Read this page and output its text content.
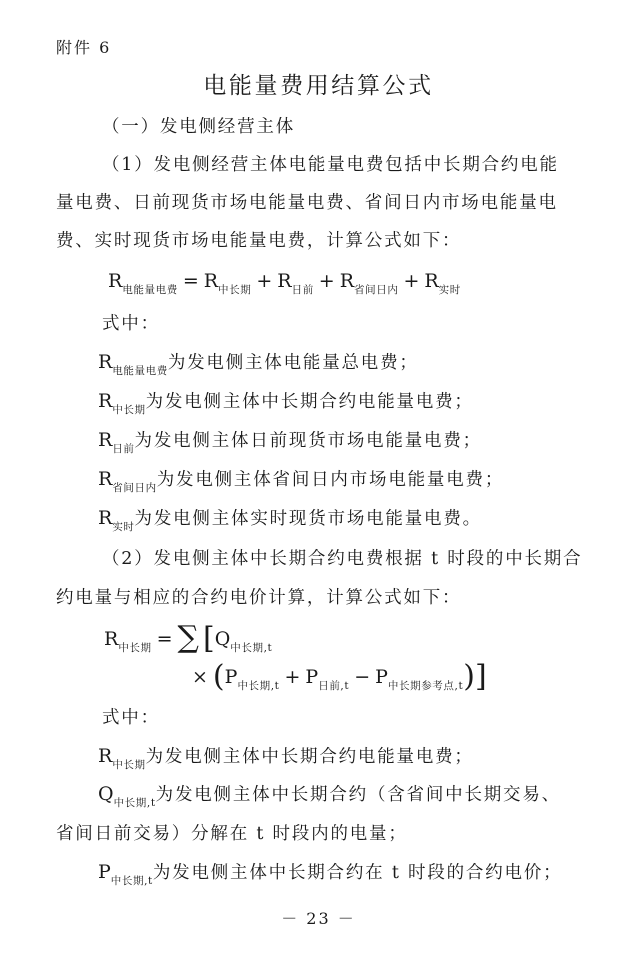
附件 6
电能量费用结算公式
（一）发电侧经营主体
（1）发电侧经营主体电能量电费包括中长期合约电能
量电费、日前现货市场电能量电费、省间日内市场电能量电
费、实时现货市场电能量电费，计算公式如下：
$R_{电能量电费} = R_{中长期} + R_{日前} + R_{省间日内} + R_{实时}$
式中：
$R_{电能量电费}$为发电侧主体电能量总电费；
$R_{中长期}$为发电侧主体中长期合约电能量电费；
$R_{日前}$为发电侧主体日前现货市场电能量电费；
$R_{省间日内}$为发电侧主体省间日内市场电能量电费；
$R_{实时}$为发电侧主体实时现货市场电能量电费。
（2）发电侧主体中长期合约电费根据 t 时段的中长期合
约电量与相应的合约电价计算，计算公式如下：
$R_{中长期}$ = ∑ [$Q_{中长期,t}$
× $(P_{中长期,t} + P_{日前,t} - P_{中长期参考点,t})$]
式中：
$R_{中长期}$为发电侧主体中长期合约电能量电费；
$Q_{中长期,t}$为发电侧主体中长期合约（含省间中长期交易、
省间日前交易）分解在 t 时段内的电量；
$P_{中长期,t}$为发电侧主体中长期合约在 t 时段的合约电价；
－ 23 －
